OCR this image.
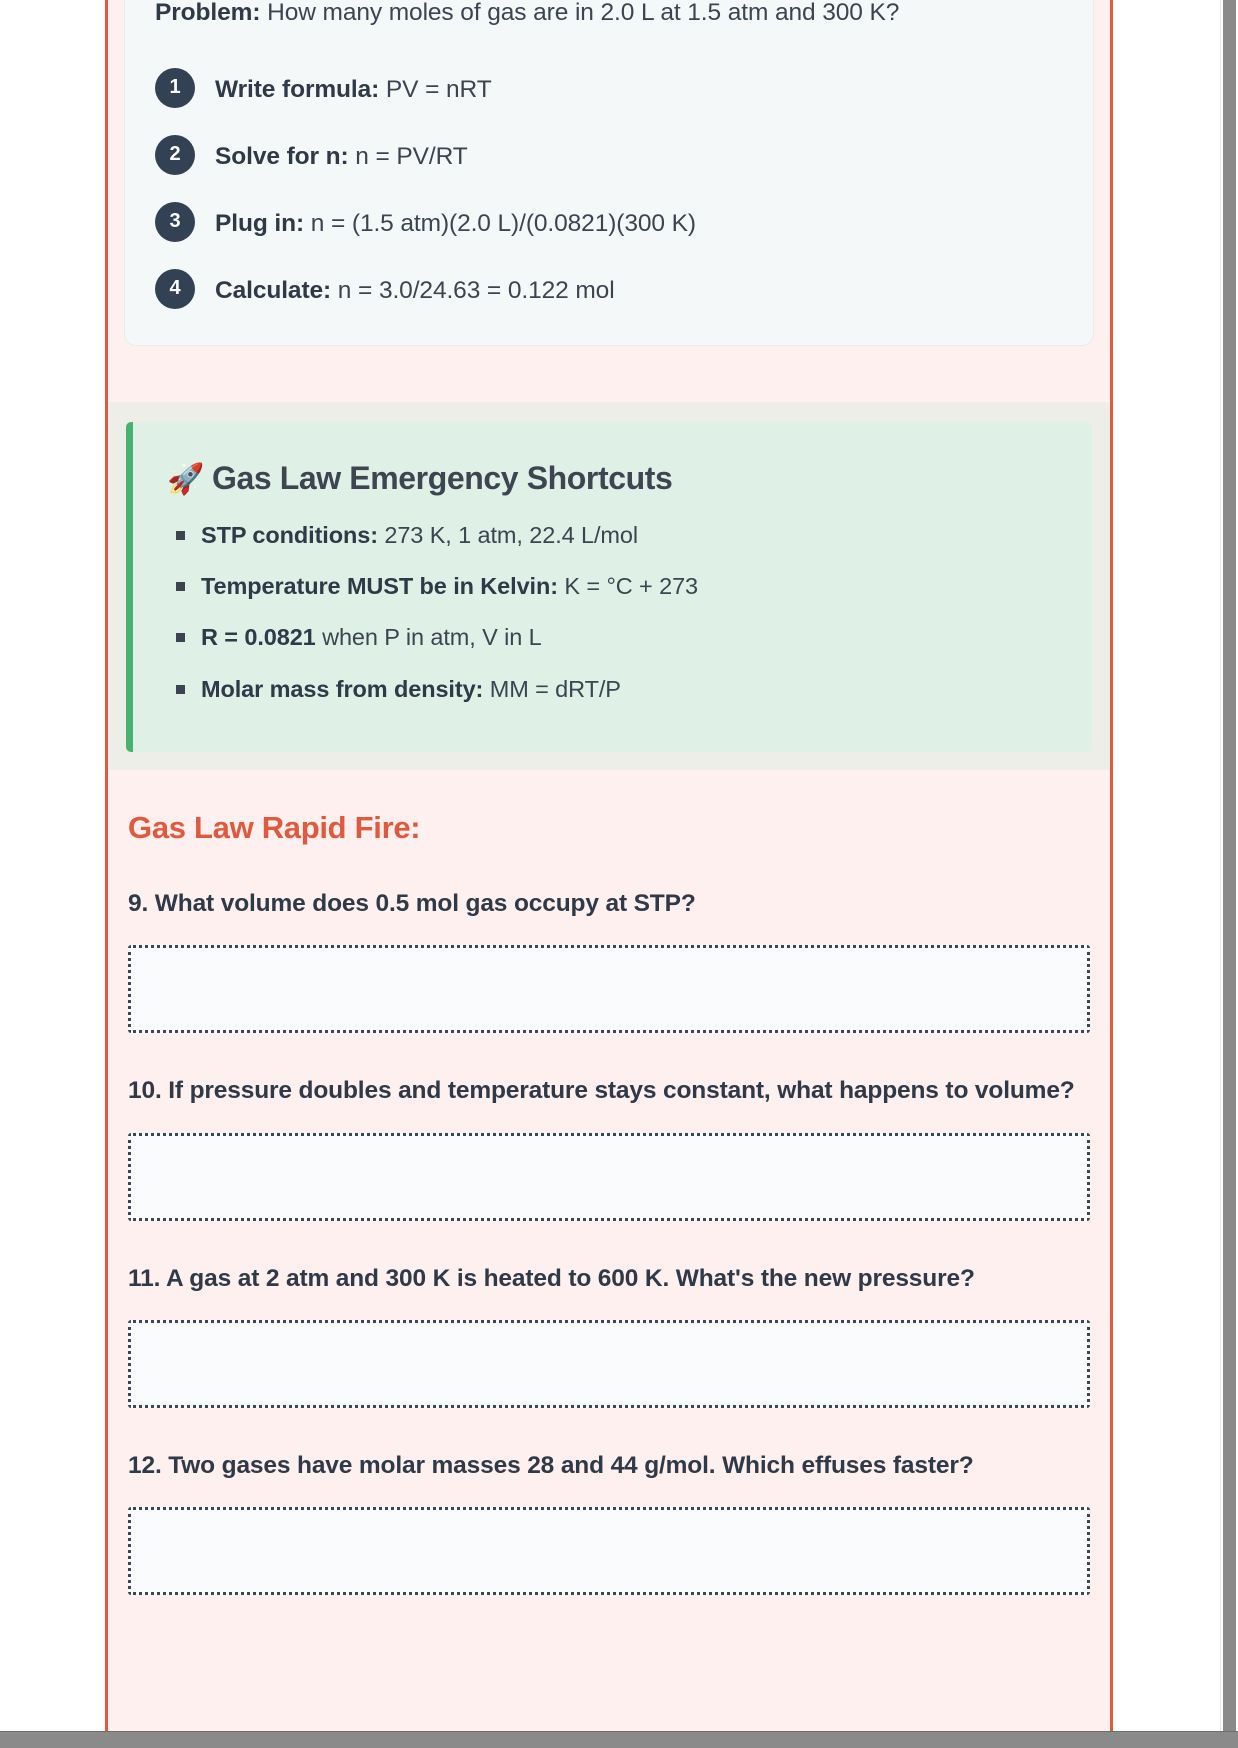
Problem: How many moles of gas are in 2.0 L at 1.5 atm and 300 K?
1	Write formula: PV = nRT
2	Solve for n: n = PV/RT
3	Plug in: n = (1.5 atm)(2.0 L)/(0.0821)(300 K)
4	Calculate: n = 3.0/24.63 = 0.122 mol
🚀 Gas Law Emergency Shortcuts
STP conditions: 273 K, 1 atm, 22.4 L/mol
Temperature MUST be in Kelvin: K = °C + 273
R = 0.0821 when P in atm, V in L
Molar mass from density: MM = dRT/P
Gas Law Rapid Fire:

9. What volume does 0.5 mol gas occupy at STP?

10. If pressure doubles and temperature stays constant, what happens to volume?

11. A gas at 2 atm and 300 K is heated to 600 K. What's the new pressure?

12. Two gases have molar masses 28 and 44 g/mol. Which effuses faster?
